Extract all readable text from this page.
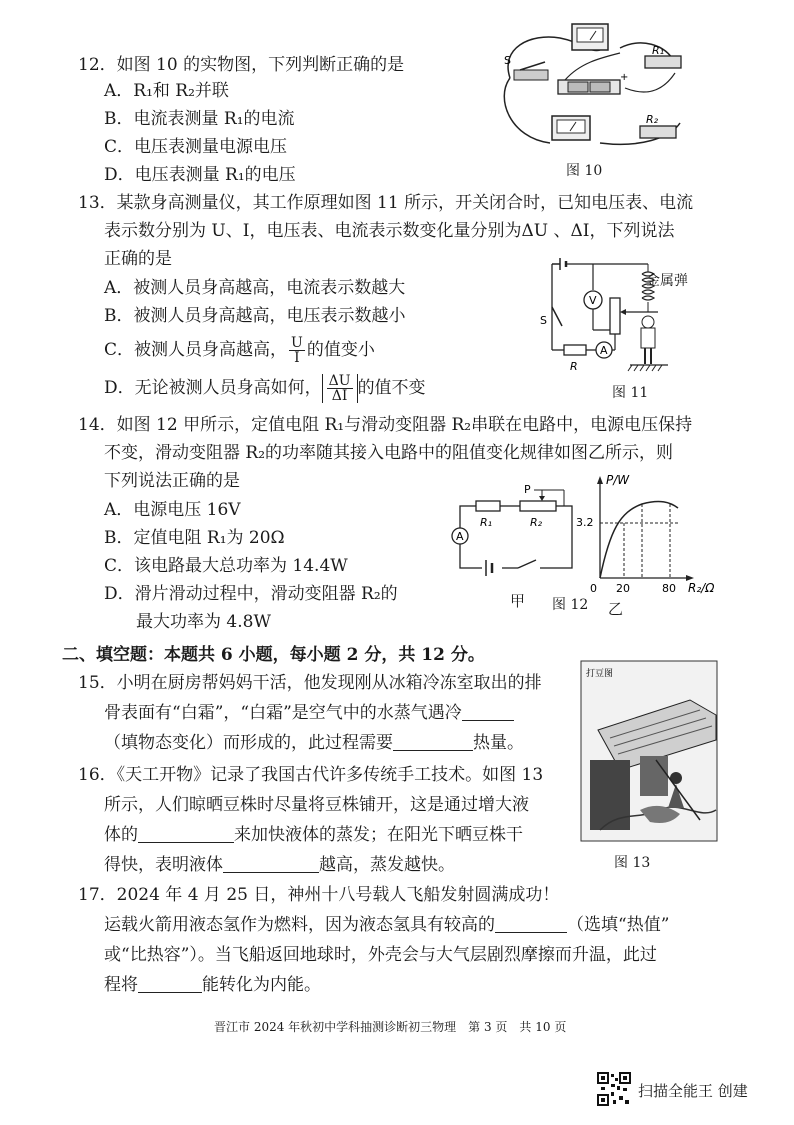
12．如图 10 的实物图，下列判断正确的是
A．R₁和 R₂并联
B．电流表测量 R₁的电流
C．电压表测量电源电压
D．电压表测量 R₁的电压
R₁
S
+
R₂
图 10
13．某款身高测量仪，其工作原理如图 11 所示，开关闭合时，已知电压表、电流
表示数分别为 U、I，电压表、电流表示数变化量分别为ΔU 、ΔI，下列说法
正确的是
A．被测人员身高越高，电流表示数越大
B．被测人员身高越高，电压表示数越小
C．被测人员身高越高， $\frac{U}{I}$ 的值变小
D．无论被测人员身高如何， $\frac{\Delta U}{\Delta I}$ 的值不变
S
V
R
A
金属弹
图 11
14．如图 12 甲所示，定值电阻 R₁与滑动变阻器 R₂串联在电路中，电源电压保持
不变，滑动变阻器 R₂的功率随其接入电路中的阻值变化规律如图乙所示，则
下列说法正确的是
A．电源电压 16V
B．定值电阻 R₁为 20Ω
C．该电路最大总功率为 14.4W
D．滑片滑动过程中，滑动变阻器 R₂的
最大功率为 4.8W
R₁	R₂
P
A
甲 图 12
P/W
R₂/Ω
3.2
0 20	80
乙
二、填空题：本题共 6 小题，每小题 2 分，共 12 分。
15．小明在厨房帮妈妈干活，他发现刚从冰箱冷冻室取出的排
骨表面有“白霜”，“白霜”是空气中的水蒸气遇冷
（填物态变化）而形成的，此过程需要	热量。
16．《天工开物》记录了我国古代许多传统手工技术。如图 13
所示，人们晾晒豆株时尽量将豆株铺开，这是通过增大液
体的	来加快液体的蒸发；在阳光下晒豆株干
得快，表明液体	越高，蒸发越快。
打豆图
图 13
17．2024 年 4 月 25 日，神州十八号载人飞船发射圆满成功！
运载火箭用液态氢作为燃料，因为液态氢具有较高的	（选填“热值”
或“比热容”）。当飞船返回地球时，外壳会与大气层剧烈摩擦而升温，此过
程将	能转化为内能。
晋江市 2024 年秋初中学科抽测诊断初三物理　第 3 页　共 10 页
扫描全能王 创建
